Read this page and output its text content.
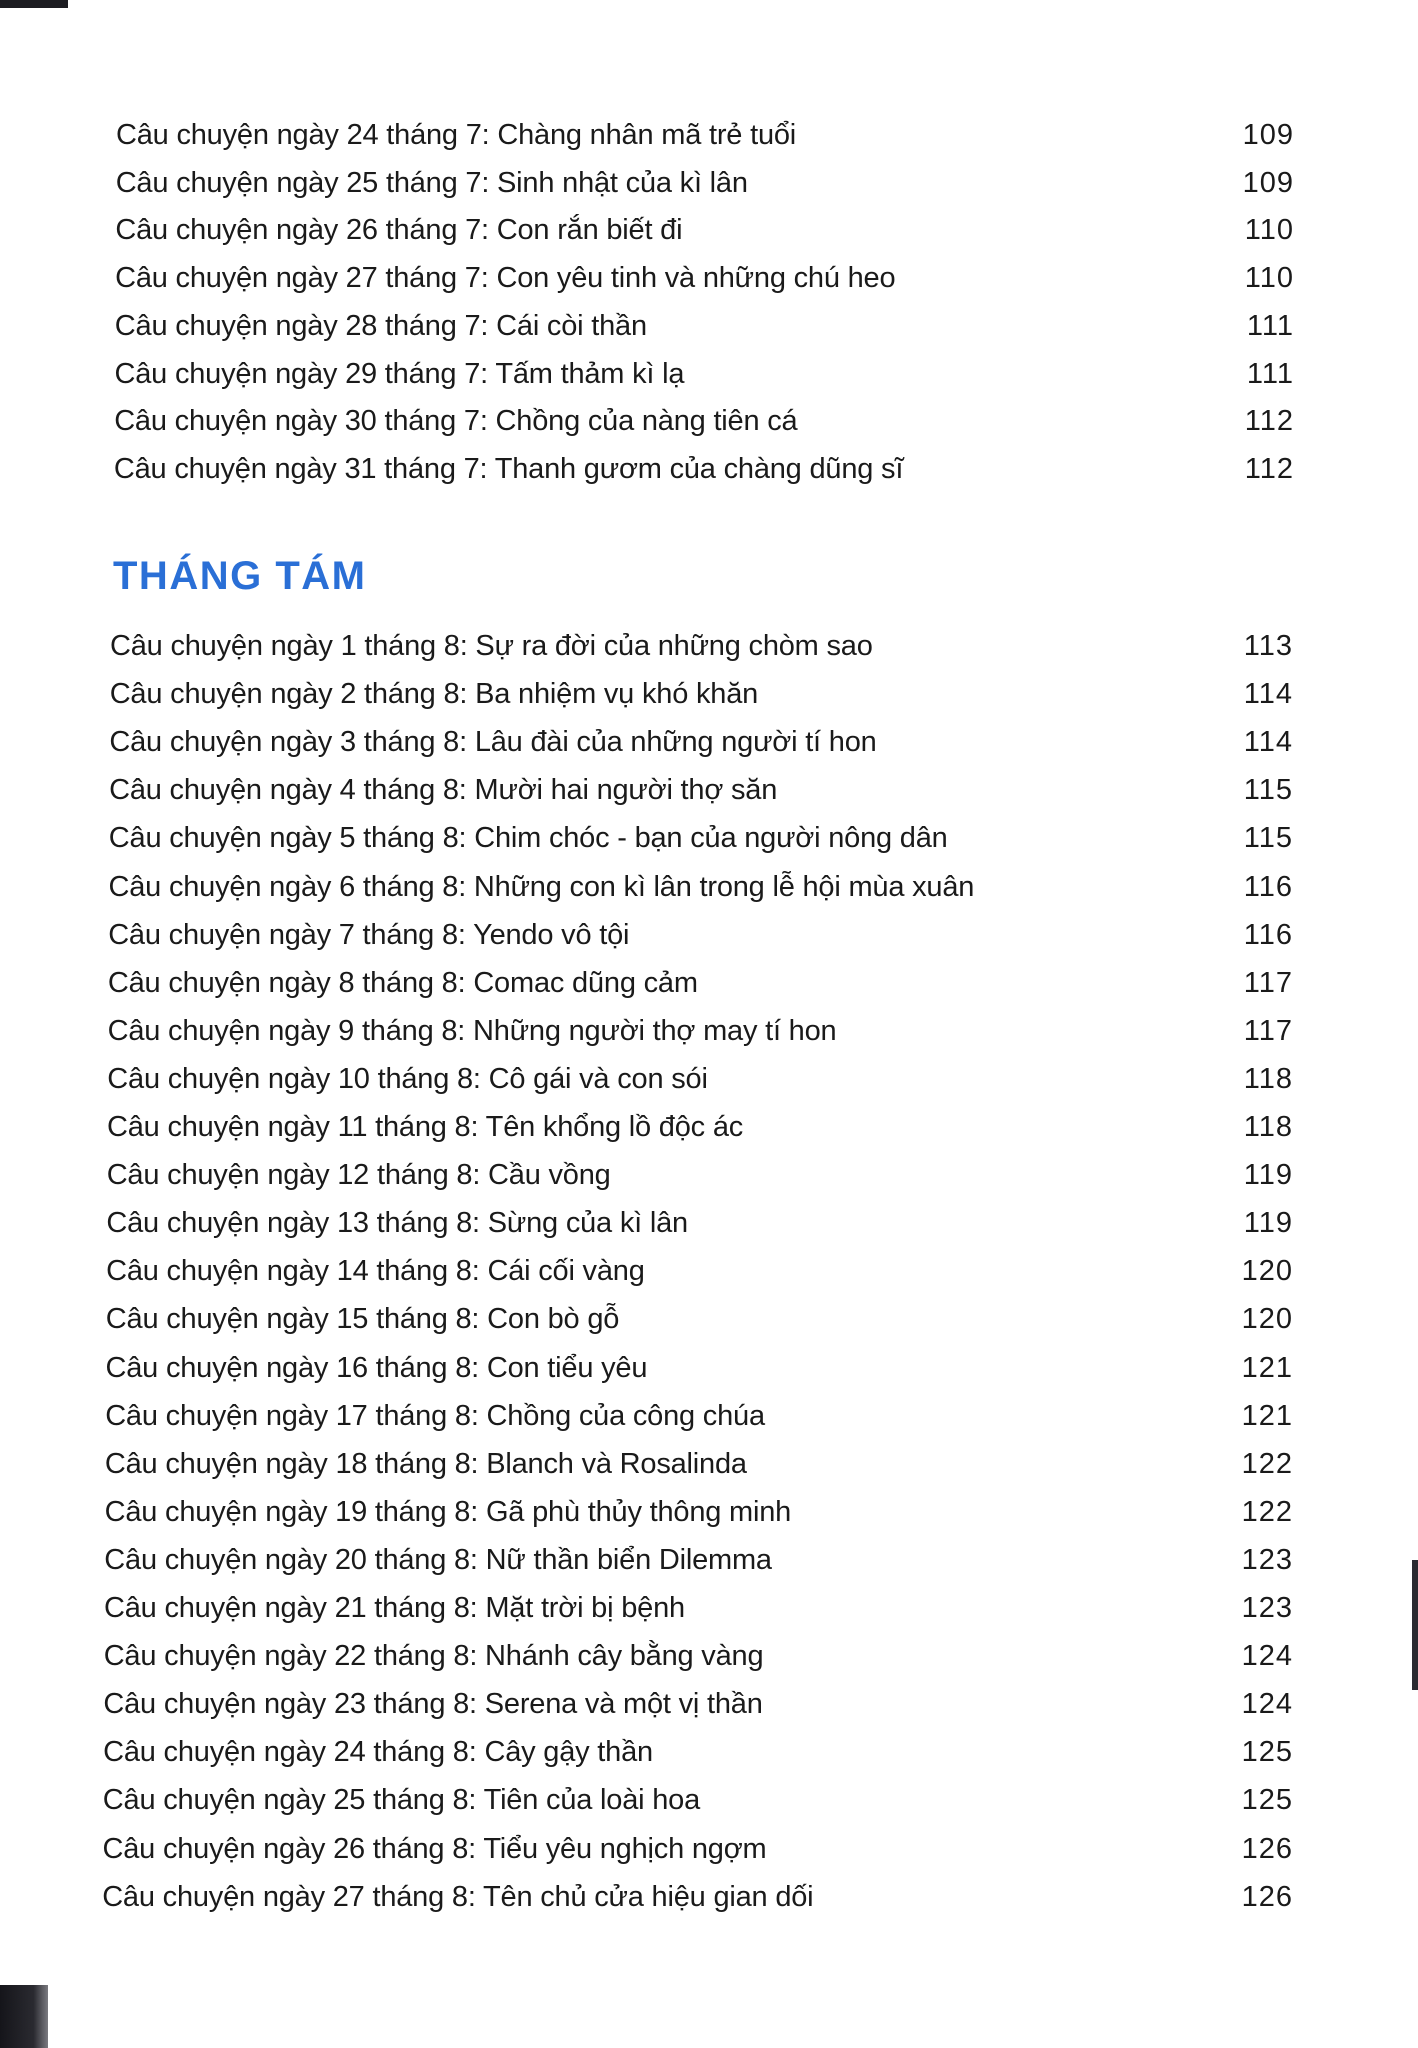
Câu chuyện ngày 24 tháng 7: Chàng nhân mã trẻ tuổi	109
Câu chuyện ngày 25 tháng 7: Sinh nhật của kì lân	109
Câu chuyện ngày 26 tháng 7: Con rắn biết đi	110
Câu chuyện ngày 27 tháng 7: Con yêu tinh và những chú heo	110
Câu chuyện ngày 28 tháng 7: Cái còi thần	111
Câu chuyện ngày 29 tháng 7: Tấm thảm kì lạ	111
Câu chuyện ngày 30 tháng 7: Chồng của nàng tiên cá	112
Câu chuyện ngày 31 tháng 7: Thanh gươm của chàng dũng sĩ	112
THÁNG TÁM
Câu chuyện ngày 1 tháng 8: Sự ra đời của những chòm sao	113
Câu chuyện ngày 2 tháng 8: Ba nhiệm vụ khó khăn	114
Câu chuyện ngày 3 tháng 8: Lâu đài của những người tí hon	114
Câu chuyện ngày 4 tháng 8: Mười hai người thợ săn	115
Câu chuyện ngày 5 tháng 8: Chim chóc - bạn của người nông dân	115
Câu chuyện ngày 6 tháng 8: Những con kì lân trong lễ hội mùa xuân	116
Câu chuyện ngày 7 tháng 8: Yendo vô tội	116
Câu chuyện ngày 8 tháng 8: Comac dũng cảm	117
Câu chuyện ngày 9 tháng 8: Những người thợ may tí hon	117
Câu chuyện ngày 10 tháng 8: Cô gái và con sói	118
Câu chuyện ngày 11 tháng 8: Tên khổng lồ độc ác	118
Câu chuyện ngày 12 tháng 8: Cầu vồng	119
Câu chuyện ngày 13 tháng 8: Sừng của kì lân	119
Câu chuyện ngày 14 tháng 8: Cái cối vàng	120
Câu chuyện ngày 15 tháng 8: Con bò gỗ	120
Câu chuyện ngày 16 tháng 8: Con tiểu yêu	121
Câu chuyện ngày 17 tháng 8: Chồng của công chúa	121
Câu chuyện ngày 18 tháng 8: Blanch và Rosalinda	122
Câu chuyện ngày 19 tháng 8: Gã phù thủy thông minh	122
Câu chuyện ngày 20 tháng 8: Nữ thần biển Dilemma	123
Câu chuyện ngày 21 tháng 8: Mặt trời bị bệnh	123
Câu chuyện ngày 22 tháng 8: Nhánh cây bằng vàng	124
Câu chuyện ngày 23 tháng 8: Serena và một vị thần	124
Câu chuyện ngày 24 tháng 8: Cây gậy thần	125
Câu chuyện ngày 25 tháng 8: Tiên của loài hoa	125
Câu chuyện ngày 26 tháng 8: Tiểu yêu nghịch ngợm	126
Câu chuyện ngày 27 tháng 8: Tên chủ cửa hiệu gian dối	126
